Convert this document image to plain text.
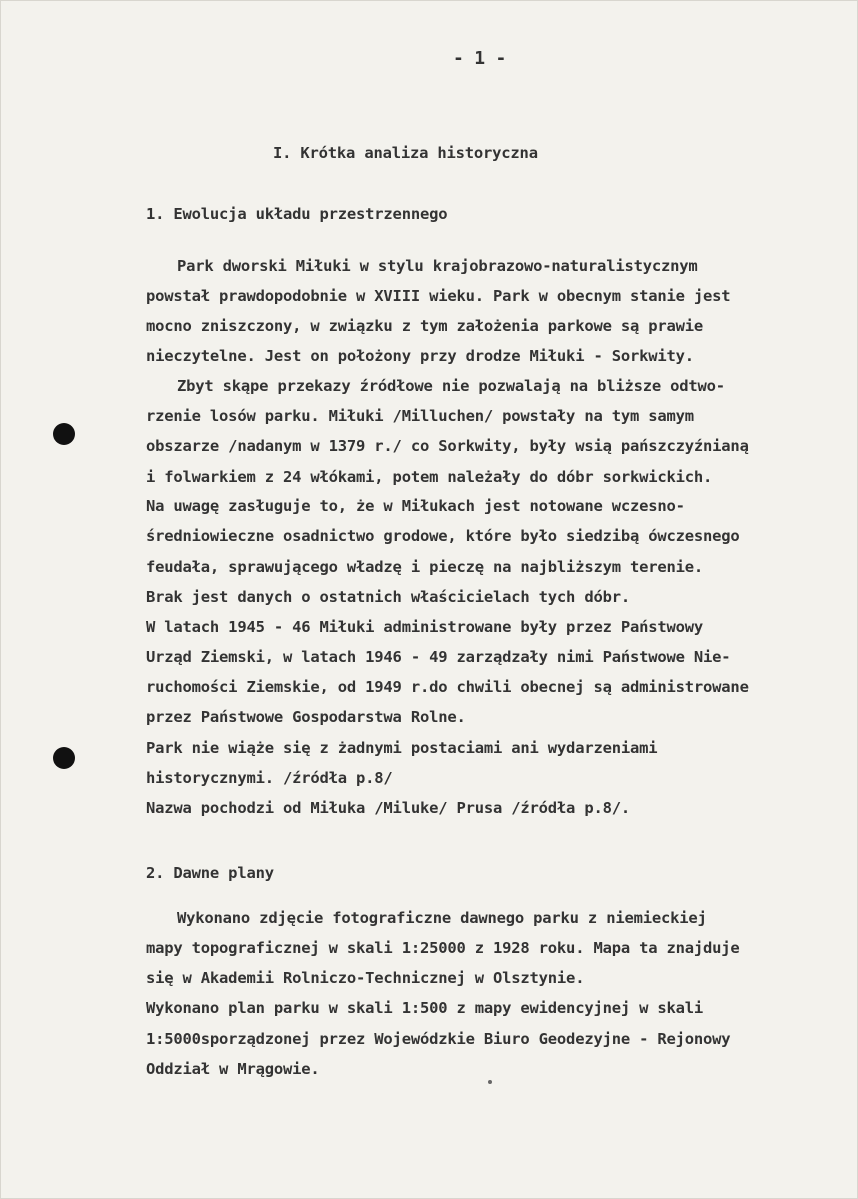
- 1 -
I. Krótka analiza historyczna
1. Ewolucja układu przestrzennego
Park dworski Miłuki w stylu krajobrazowo-naturalistycznym
powstał prawdopodobnie w XVIII wieku. Park w obecnym stanie jest
mocno zniszczony, w związku z tym założenia parkowe są prawie
nieczytelne. Jest on położony przy drodze Miłuki - Sorkwity.
Zbyt skąpe przekazy źródłowe nie pozwalają na bliższe odtwo-
rzenie losów parku. Miłuki /Milluchen/ powstały na tym samym
obszarze /nadanym w 1379 r./ co Sorkwity, były wsią pańszczyźnianą
i folwarkiem z 24 włókami, potem należały do dóbr sorkwickich.
Na uwagę zasługuje to, że w Miłukach jest notowane wczesno-
średniowieczne osadnictwo grodowe, które było siedzibą ówczesnego
feudała, sprawującego władzę i pieczę na najbliższym terenie.
Brak jest danych o ostatnich właścicielach tych dóbr.
W latach 1945 - 46 Miłuki administrowane były przez Państwowy
Urząd Ziemski, w latach 1946 - 49 zarządzały nimi Państwowe Nie-
ruchomości Ziemskie, od 1949 r.do chwili obecnej są administrowane
przez Państwowe Gospodarstwa Rolne.
Park nie wiąże się z żadnymi postaciami ani wydarzeniami
historycznymi. /źródła p.8/
Nazwa pochodzi od Miłuka /Miluke/ Prusa /źródła p.8/.
2. Dawne plany
Wykonano zdjęcie fotograficzne dawnego parku z niemieckiej
mapy topograficznej w skali 1:25000 z 1928 roku. Mapa ta znajduje
się w Akademii Rolniczo-Technicznej w Olsztynie.
Wykonano plan parku w skali 1:500 z mapy ewidencyjnej w skali
1:5000sporządzonej przez Wojewódzkie Biuro Geodezyjne - Rejonowy
Oddział w Mrągowie.
